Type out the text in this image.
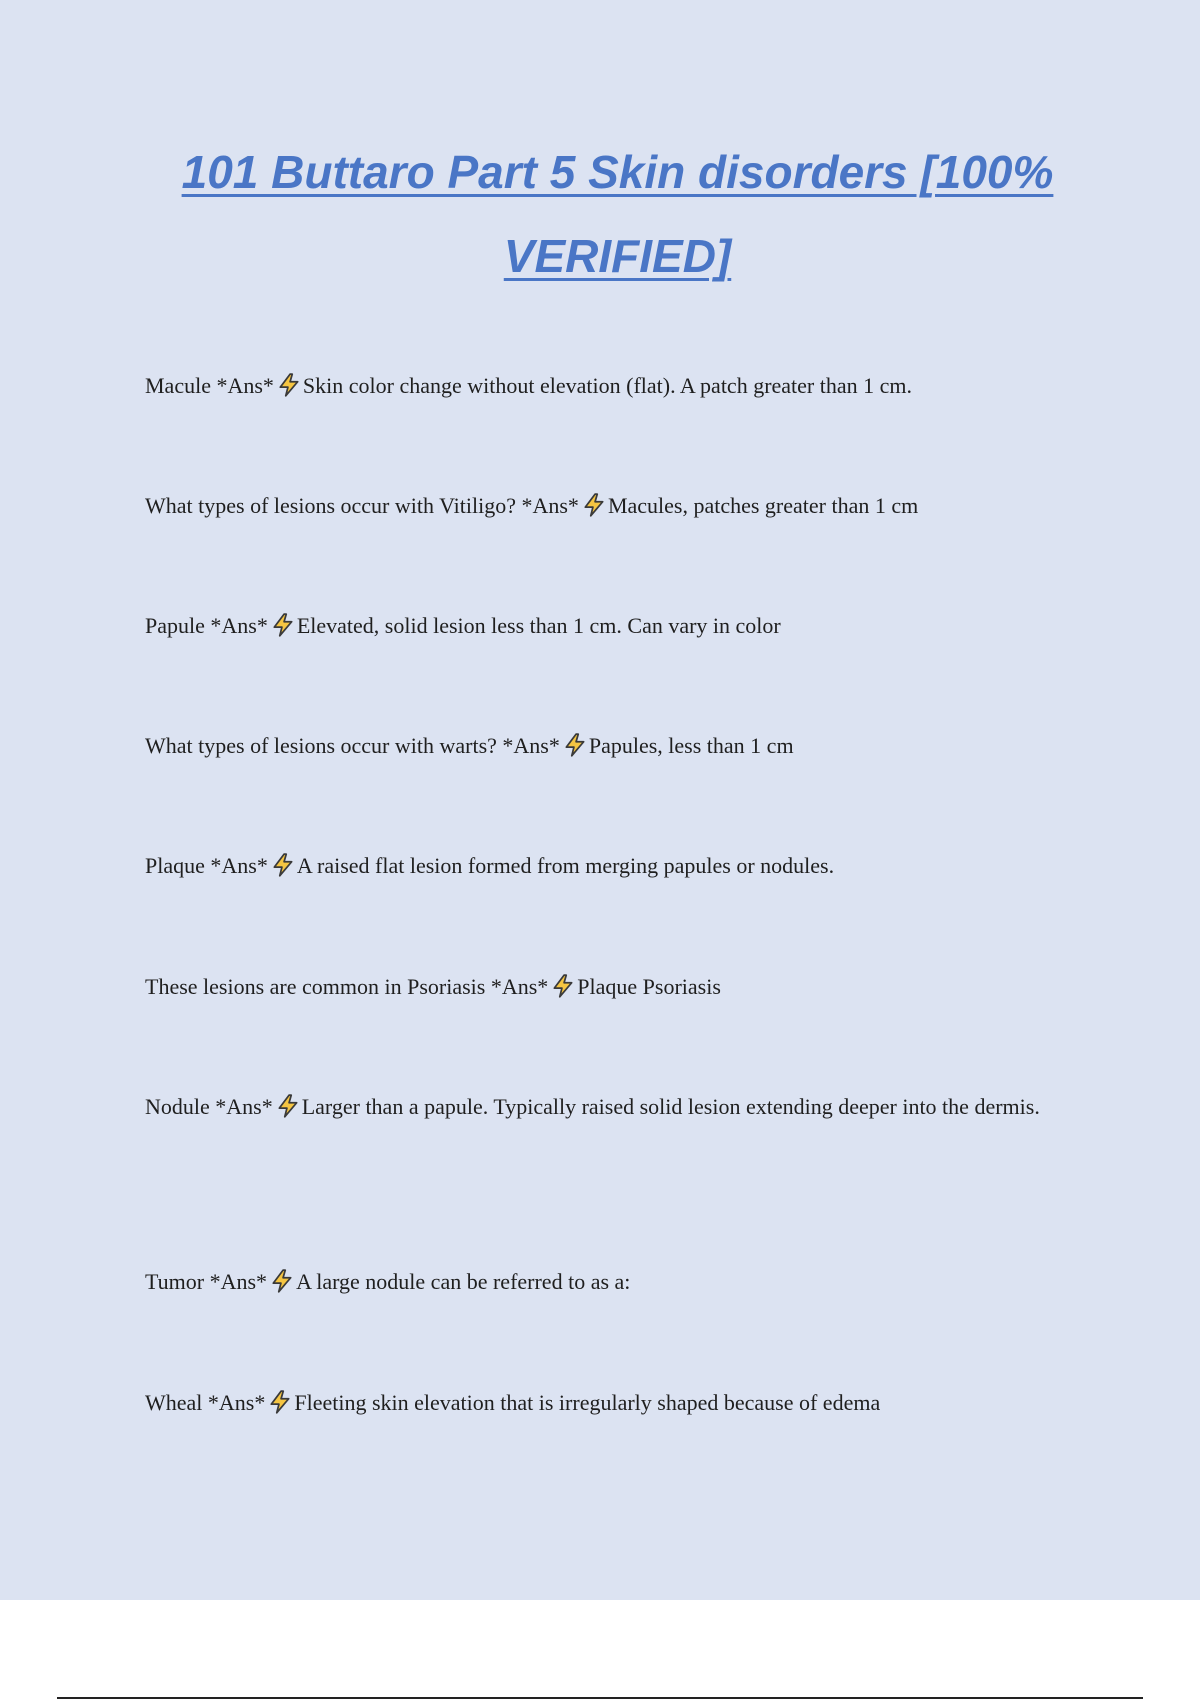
101 Buttaro Part 5 Skin disorders [100% VERIFIED]

Macule *Ans* Skin color change without elevation (flat). A patch greater than 1 cm.

What types of lesions occur with Vitiligo? *Ans* Macules, patches greater than 1 cm

Papule *Ans* Elevated, solid lesion less than 1 cm. Can vary in color

What types of lesions occur with warts? *Ans* Papules, less than 1 cm

Plaque *Ans* A raised flat lesion formed from merging papules or nodules.

These lesions are common in Psoriasis *Ans* Plaque Psoriasis

Nodule *Ans* Larger than a papule. Typically raised solid lesion extending deeper into the dermis.

Tumor *Ans* A large nodule can be referred to as a:

Wheal *Ans* Fleeting skin elevation that is irregularly shaped because of edema
